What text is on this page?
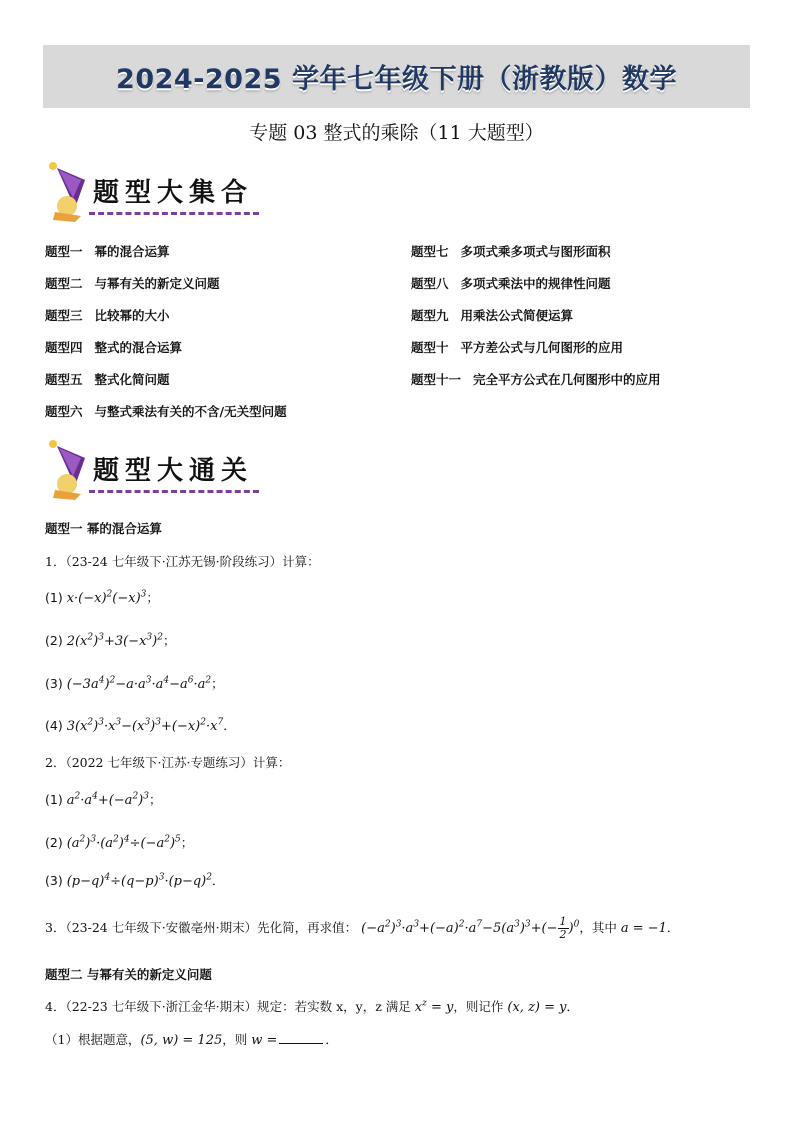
2024-2025 学年七年级下册（浙教版）数学
专题 03 整式的乘除（11 大题型）
题型大集合
题型一 幂的混合运算
题型二 与幂有关的新定义问题
题型三 比较幂的大小
题型四 整式的混合运算
题型五 整式化简问题
题型六 与整式乘法有关的不含/无关型问题
题型七 多项式乘多项式与图形面积
题型八 多项式乘法中的规律性问题
题型九 用乘法公式简便运算
题型十 平方差公式与几何图形的应用
题型十一 完全平方公式在几何图形中的应用
题型大通关
题型一 幂的混合运算
1．（23-24 七年级下·江苏无锡·阶段练习）计算：
(1) $x\cdot(-x)^2(-x)^3$；
(2) $2(x^2)^3+3(-x^3)^2$；
(3) $(-3a^4)^2-a\cdot a^3\cdot a^4-a^6\cdot a^2$；
(4) $3(x^2)^3\cdot x^3-(x^3)^3+(-x)^2\cdot x^7$．
2．（2022 七年级下·江苏·专题练习）计算：
(1) $a^2\cdot a^4+(-a^2)^3$；
(2) $(a^2)^3\cdot(a^2)^4\div(-a^2)^5$；
(3) $(p-q)^4\div(q-p)^3\cdot(p-q)^2$．
3．（23-24 七年级下·安徽亳州·期末）先化简，再求值： $(-a^2)^3\cdot a^3+(-a)^2\cdot a^7-5(a^3)^3+(- \frac{1}{2} )^0$，其中 a = −1．
题型二 与幂有关的新定义问题
4．（22-23 七年级下·浙江金华·期末）规定：若实数 x，y，z 满足 $x^z = y$，则记作 (x, z) = y．
（1）根据题意，(5, w) = 125，则 w =	．
